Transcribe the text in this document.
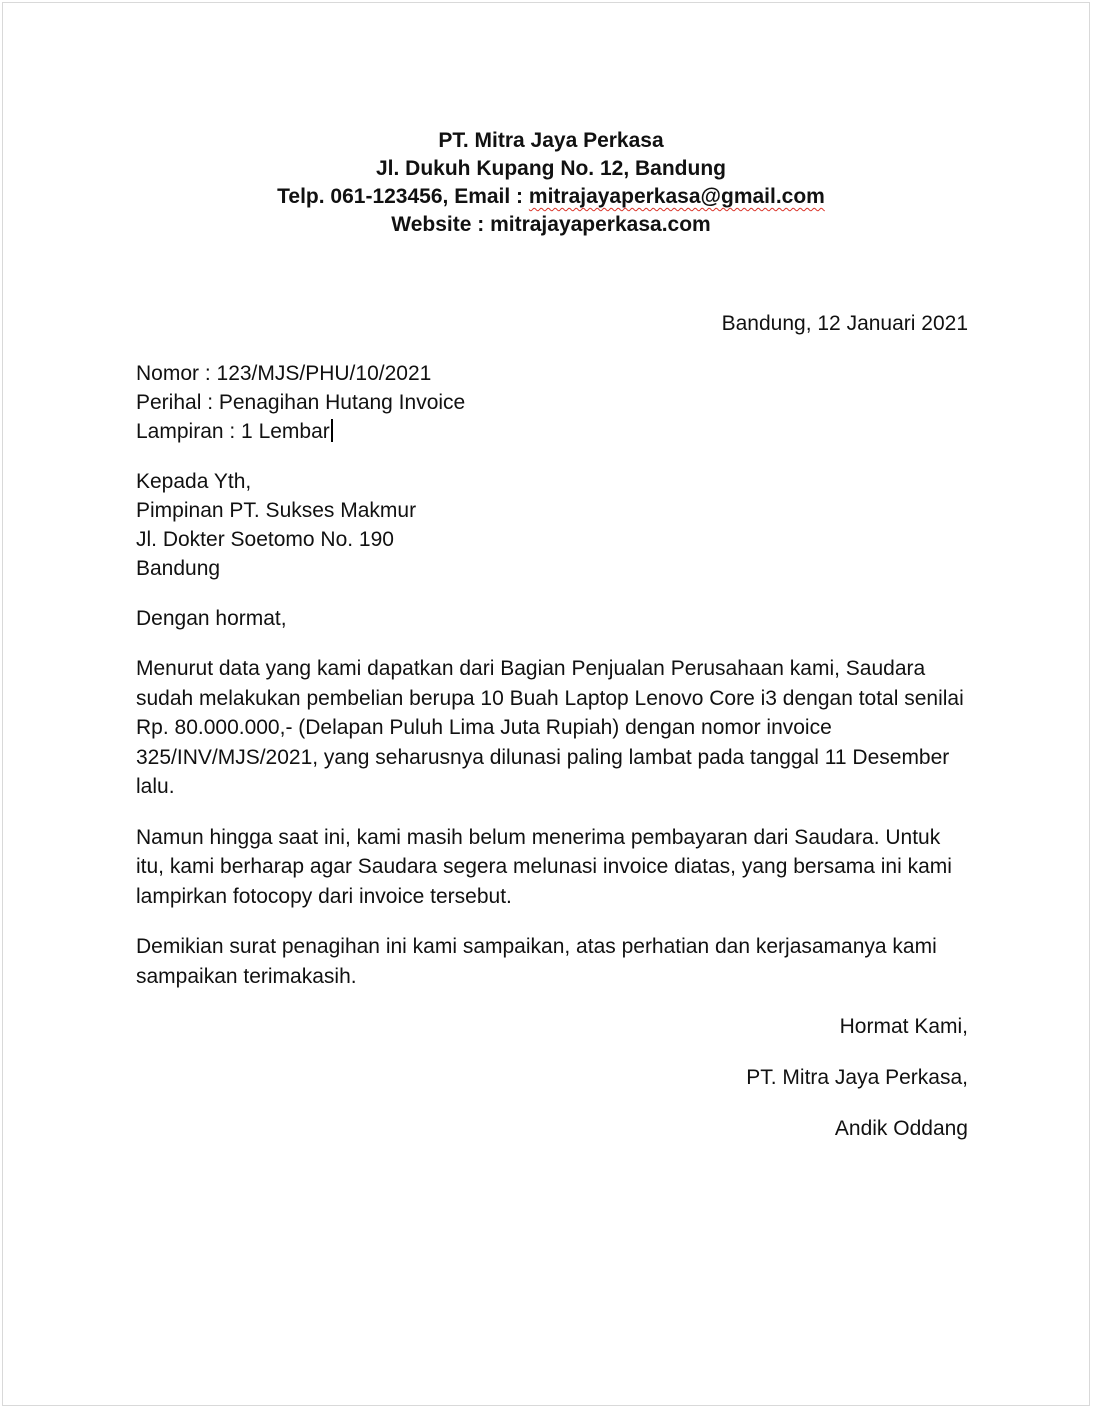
PT. Mitra Jaya Perkasa
Jl. Dukuh Kupang No. 12, Bandung
Telp. 061-123456, Email : mitrajayaperkasa@gmail.com
Website : mitrajayaperkasa.com
Bandung, 12 Januari 2021
Nomor : 123/MJS/PHU/10/2021
Perihal : Penagihan Hutang Invoice
Lampiran : 1 Lembar
Kepada Yth,
Pimpinan PT. Sukses Makmur
Jl. Dokter Soetomo No. 190
Bandung
Dengan hormat,

Menurut data yang kami dapatkan dari Bagian Penjualan Perusahaan kami, Saudara sudah melakukan pembelian berupa 10 Buah Laptop Lenovo Core i3 dengan total senilai Rp. 80.000.000,- (Delapan Puluh Lima Juta Rupiah) dengan nomor invoice 325/INV/MJS/2021, yang seharusnya dilunasi paling lambat pada tanggal 11 Desember lalu.

Namun hingga saat ini, kami masih belum menerima pembayaran dari Saudara. Untuk itu, kami berharap agar Saudara segera melunasi invoice diatas, yang bersama ini kami lampirkan fotocopy dari invoice tersebut.

Demikian surat penagihan ini kami sampaikan, atas perhatian dan kerjasamanya kami sampaikan terimakasih.

Hormat Kami,
PT. Mitra Jaya Perkasa,
Andik Oddang
